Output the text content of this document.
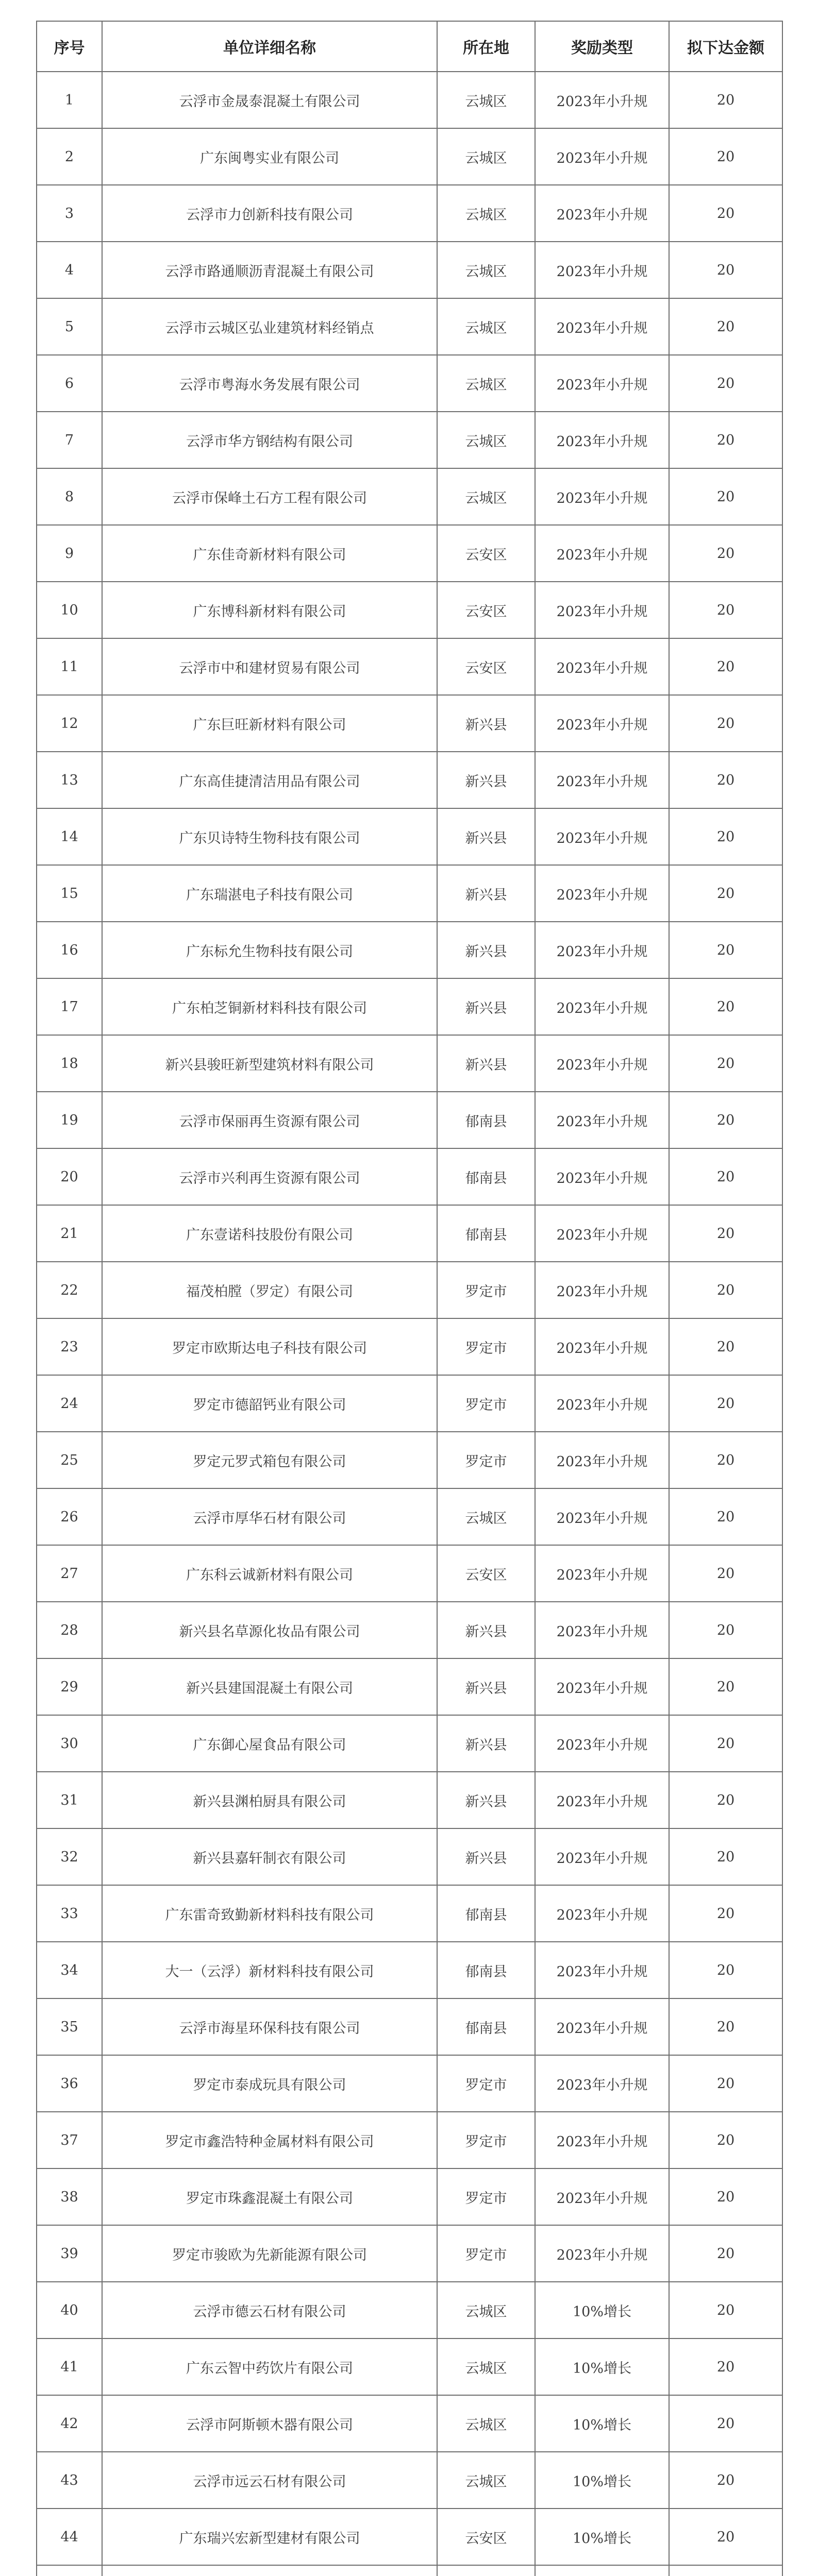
序号	单位详细名称	所在地	奖励类型	拟下达金额
1	云浮市金晟泰混凝土有限公司	云城区	2023年小升规	20
2	广东闽粤实业有限公司	云城区	2023年小升规	20
3	云浮市力创新科技有限公司	云城区	2023年小升规	20
4	云浮市路通顺沥青混凝土有限公司	云城区	2023年小升规	20
5	云浮市云城区弘业建筑材料经销点	云城区	2023年小升规	20
6	云浮市粤海水务发展有限公司	云城区	2023年小升规	20
7	云浮市华方钢结构有限公司	云城区	2023年小升规	20
8	云浮市保峰土石方工程有限公司	云城区	2023年小升规	20
9	广东佳奇新材料有限公司	云安区	2023年小升规	20
10	广东博科新材料有限公司	云安区	2023年小升规	20
11	云浮市中和建材贸易有限公司	云安区	2023年小升规	20
12	广东巨旺新材料有限公司	新兴县	2023年小升规	20
13	广东高佳捷清洁用品有限公司	新兴县	2023年小升规	20
14	广东贝诗特生物科技有限公司	新兴县	2023年小升规	20
15	广东瑞湛电子科技有限公司	新兴县	2023年小升规	20
16	广东标允生物科技有限公司	新兴县	2023年小升规	20
17	广东柏芝铜新材料科技有限公司	新兴县	2023年小升规	20
18	新兴县骏旺新型建筑材料有限公司	新兴县	2023年小升规	20
19	云浮市保丽再生资源有限公司	郁南县	2023年小升规	20
20	云浮市兴利再生资源有限公司	郁南县	2023年小升规	20
21	广东壹诺科技股份有限公司	郁南县	2023年小升规	20
22	福茂柏膛（罗定）有限公司	罗定市	2023年小升规	20
23	罗定市欧斯达电子科技有限公司	罗定市	2023年小升规	20
24	罗定市德韶钙业有限公司	罗定市	2023年小升规	20
25	罗定元罗式箱包有限公司	罗定市	2023年小升规	20
26	云浮市厚华石材有限公司	云城区	2023年小升规	20
27	广东科云诚新材料有限公司	云安区	2023年小升规	20
28	新兴县名草源化妆品有限公司	新兴县	2023年小升规	20
29	新兴县建国混凝土有限公司	新兴县	2023年小升规	20
30	广东御心屋食品有限公司	新兴县	2023年小升规	20
31	新兴县渊柏厨具有限公司	新兴县	2023年小升规	20
32	新兴县嘉轩制衣有限公司	新兴县	2023年小升规	20
33	广东雷奇致勤新材料科技有限公司	郁南县	2023年小升规	20
34	大一（云浮）新材料科技有限公司	郁南县	2023年小升规	20
35	云浮市海星环保科技有限公司	郁南县	2023年小升规	20
36	罗定市泰成玩具有限公司	罗定市	2023年小升规	20
37	罗定市鑫浩特种金属材料有限公司	罗定市	2023年小升规	20
38	罗定市珠鑫混凝土有限公司	罗定市	2023年小升规	20
39	罗定市骏欧为先新能源有限公司	罗定市	2023年小升规	20
40	云浮市德云石材有限公司	云城区	10%增长	20
41	广东云智中药饮片有限公司	云城区	10%增长	20
42	云浮市阿斯顿木器有限公司	云城区	10%增长	20
43	云浮市远云石材有限公司	云城区	10%增长	20
44	广东瑞兴宏新型建材有限公司	云安区	10%增长	20
